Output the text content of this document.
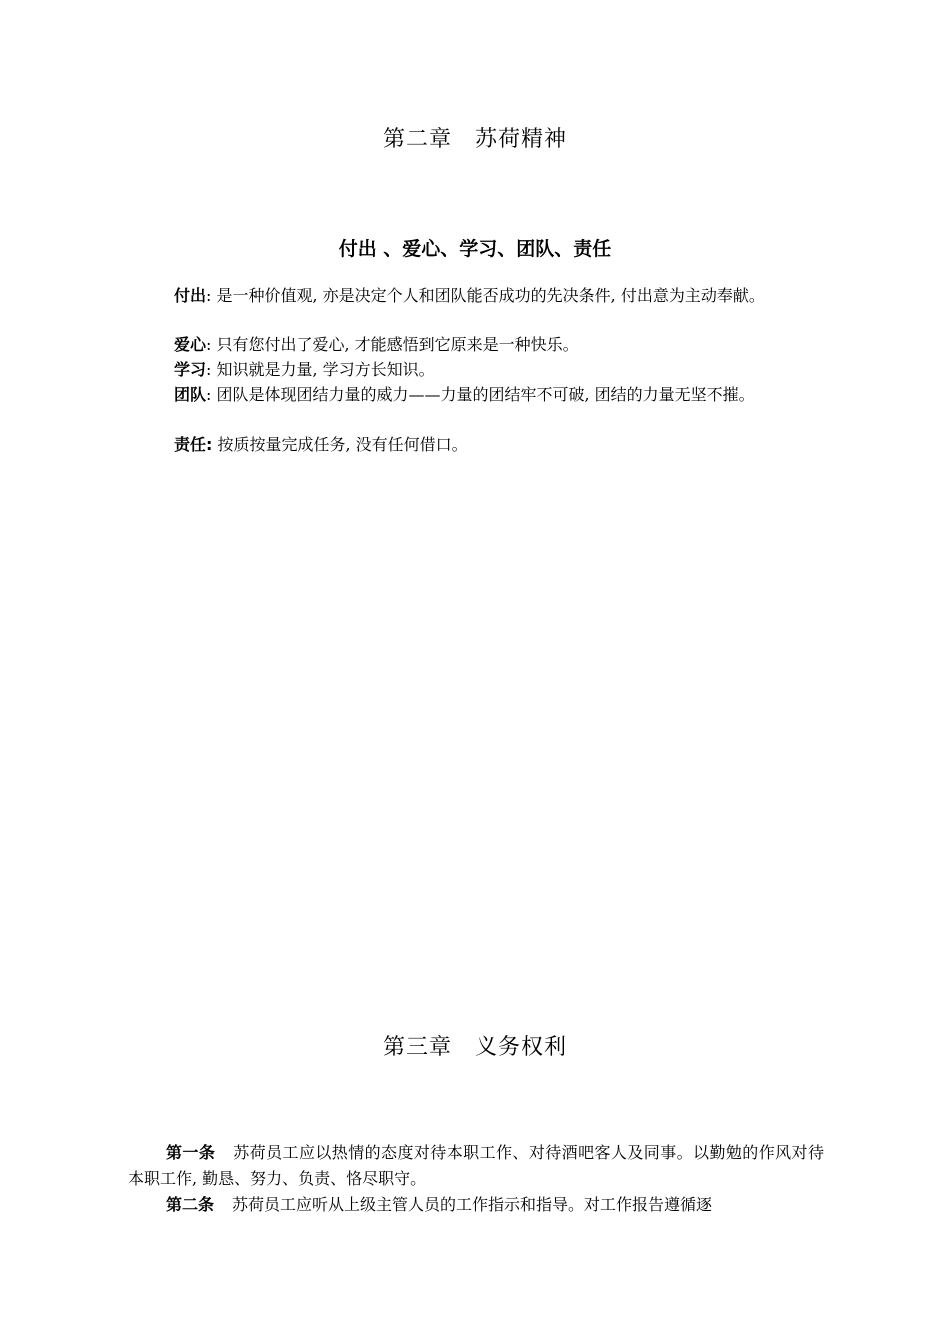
第二章　苏荷精神
付出 、爱心、学习、团队、责任
付出: 是一种价值观, 亦是决定个人和团队能否成功的先决条件, 付出意为主动奉献。
爱心: 只有您付出了爱心, 才能感悟到它原来是一种快乐。
学习: 知识就是力量, 学习方长知识。
团队: 团队是体现团结力量的威力——力量的团结牢不可破, 团结的力量无坚不摧。
责任: 按质按量完成任务, 没有任何借口。
第三章　义务权利
第一条 苏荷员工应以热情的态度对待本职工作、对待酒吧客人及同事。以勤勉的作风对待本职工作, 勤恳、努力、负责、恪尽职守。
第二条 苏荷员工应听从上级主管人员的工作指示和指导。对工作报告遵循逐
